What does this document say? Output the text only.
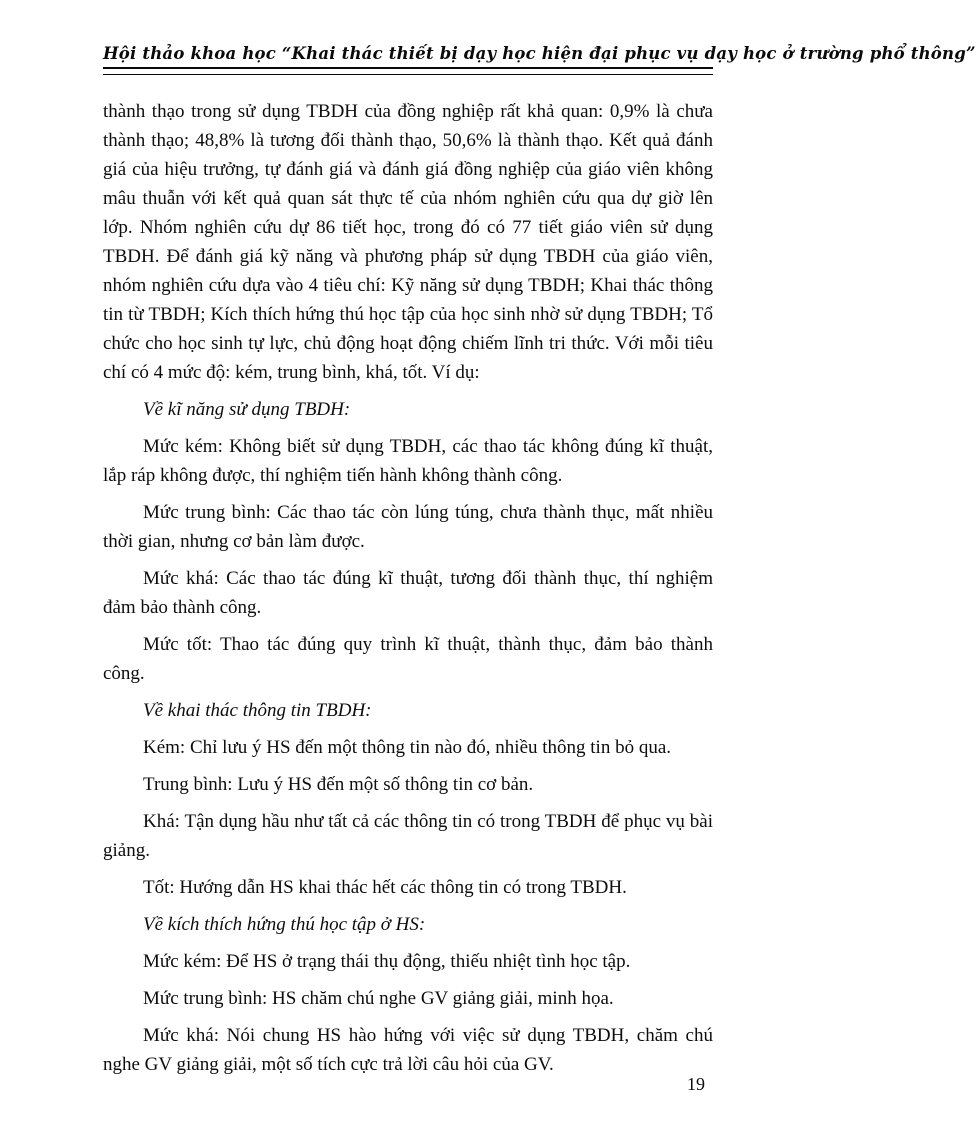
Hội thảo khoa học “Khai thác thiết bị dạy học hiện đại phục vụ dạy học ở trường phổ thông”

thành thạo trong sử dụng TBDH của đồng nghiệp rất khả quan: 0,9% là chưa thành thạo; 48,8% là tương đối thành thạo, 50,6% là thành thạo. Kết quả đánh giá của hiệu trưởng, tự đánh giá và đánh giá đồng nghiệp của giáo viên không mâu thuẫn với kết quả quan sát thực tế của nhóm nghiên cứu qua dự giờ lên lớp. Nhóm nghiên cứu dự 86 tiết học, trong đó có 77 tiết giáo viên sử dụng TBDH. Để đánh giá kỹ năng và phương pháp sử dụng TBDH của giáo viên, nhóm nghiên cứu dựa vào 4 tiêu chí: Kỹ năng sử dụng TBDH; Khai thác thông tin từ TBDH; Kích thích hứng thú học tập của học sinh nhờ sử dụng TBDH; Tổ chức cho học sinh tự lực, chủ động hoạt động chiếm lĩnh tri thức. Với mỗi tiêu chí có 4 mức độ: kém, trung bình, khá, tốt. Ví dụ:

Về kĩ năng sử dụng TBDH:

Mức kém: Không biết sử dụng TBDH, các thao tác không đúng kĩ thuật, lắp ráp không được, thí nghiệm tiến hành không thành công.

Mức trung bình: Các thao tác còn lúng túng, chưa thành thục, mất nhiều thời gian, nhưng cơ bản làm được.

Mức khá: Các thao tác đúng kĩ thuật, tương đối thành thục, thí nghiệm đảm bảo thành công.

Mức tốt: Thao tác đúng quy trình kĩ thuật, thành thục, đảm bảo thành công.

Về khai thác thông tin TBDH:

Kém: Chỉ lưu ý HS đến một thông tin nào đó, nhiều thông tin bỏ qua.

Trung bình: Lưu ý HS đến một số thông tin cơ bản.

Khá: Tận dụng hầu như tất cả các thông tin có trong TBDH để phục vụ bài giảng.

Tốt: Hướng dẫn HS khai thác hết các thông tin có trong TBDH.

Về kích thích hứng thú học tập ở HS:

Mức kém: Để HS ở trạng thái thụ động, thiếu nhiệt tình học tập.

Mức trung bình: HS chăm chú nghe GV giảng giải, minh họa.

Mức khá: Nói chung HS hào hứng với việc sử dụng TBDH, chăm chú nghe GV giảng giải, một số tích cực trả lời câu hỏi của GV.

19
